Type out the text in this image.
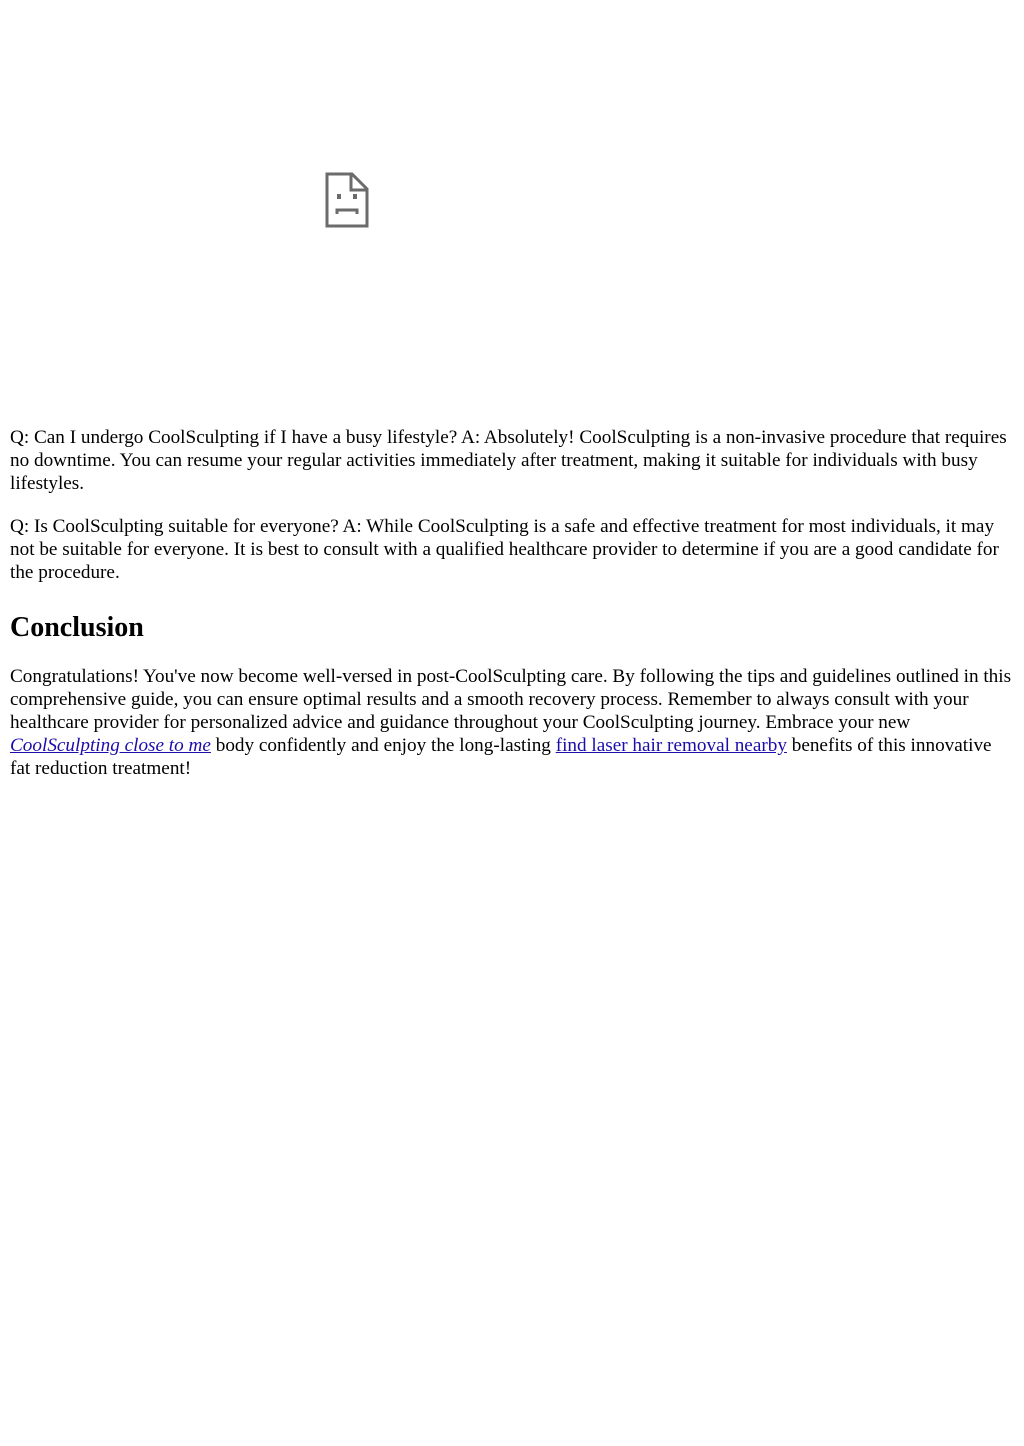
Q: Can I undergo CoolSculpting if I have a busy lifestyle? A: Absolutely! CoolSculpting is a non-invasive procedure that requires no downtime. You can resume your regular activities immediately after treatment, making it suitable for individuals with busy lifestyles.

Q: Is CoolSculpting suitable for everyone? A: While CoolSculpting is a safe and effective treatment for most individuals, it may not be suitable for everyone. It is best to consult with a qualified healthcare provider to determine if you are a good candidate for the procedure.

Conclusion

Congratulations! You've now become well-versed in post-CoolSculpting care. By following the tips and guidelines outlined in this comprehensive guide, you can ensure optimal results and a smooth recovery process. Remember to always consult with your healthcare provider for personalized advice and guidance throughout your CoolSculpting journey. Embrace your new CoolSculpting close to me body confidently and enjoy the long-lasting find laser hair removal nearby benefits of this innovative fat reduction treatment!
